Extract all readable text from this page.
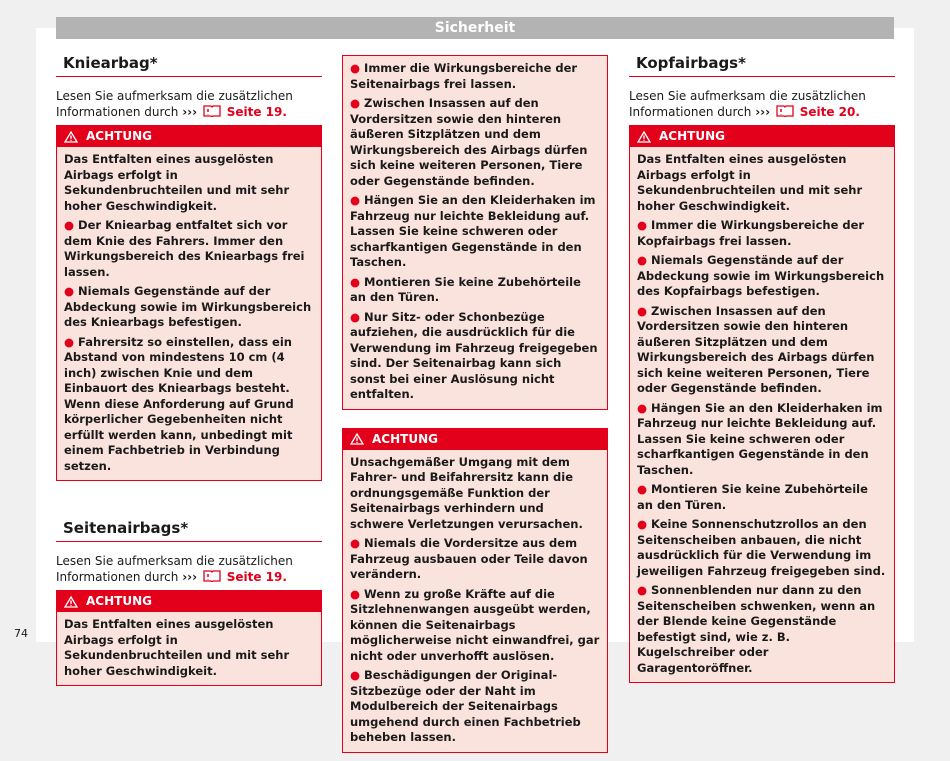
Sicherheit
Kniearbag*

Lesen Sie aufmerksam die zusätzlichen Informationen durch ››› Seite 19.

ACHTUNG

Das Entfalten eines ausgelösten Airbags erfolgt in Sekundenbruchteilen und mit sehr hoher Geschwindigkeit.

● Der Kniearbag entfaltet sich vor dem Knie des Fahrers. Immer den Wirkungsbereich des Kniearbags frei lassen.

● Niemals Gegenstände auf der Abdeckung sowie im Wirkungsbereich des Kniearbags befestigen.

● Fahrersitz so einstellen, dass ein Abstand von mindestens 10 cm (4 inch) zwischen Knie und dem Einbauort des Kniearbags besteht. Wenn diese Anforderung auf Grund körperlicher Gegebenheiten nicht erfüllt werden kann, unbedingt mit einem Fachbetrieb in Verbindung setzen.

Seitenairbags*

Lesen Sie aufmerksam die zusätzlichen Informationen durch ››› Seite 19.

ACHTUNG

Das Entfalten eines ausgelösten Airbags erfolgt in Sekundenbruchteilen und mit sehr hoher Geschwindigkeit.

● Immer die Wirkungsbereiche der Seitenairbags frei lassen.

● Zwischen Insassen auf den Vordersitzen sowie den hinteren äußeren Sitzplätzen und dem Wirkungsbereich des Airbags dürfen sich keine weiteren Personen, Tiere oder Gegenstände befinden.

● Hängen Sie an den Kleiderhaken im Fahrzeug nur leichte Bekleidung auf. Lassen Sie keine schweren oder scharfkantigen Gegenstände in den Taschen.

● Montieren Sie keine Zubehörteile an den Türen.

● Nur Sitz- oder Schonbezüge aufziehen, die ausdrücklich für die Verwendung im Fahrzeug freigegeben sind. Der Seitenairbag kann sich sonst bei einer Auslösung nicht entfalten.

ACHTUNG

Unsachgemäßer Umgang mit dem Fahrer- und Beifahrersitz kann die ordnungsgemäße Funktion der Seitenairbags verhindern und schwere Verletzungen verursachen.

● Niemals die Vordersitze aus dem Fahrzeug ausbauen oder Teile davon verändern.

● Wenn zu große Kräfte auf die Sitzlehnenwangen ausgeübt werden, können die Seitenairbags möglicherweise nicht einwandfrei, gar nicht oder unverhofft auslösen.

● Beschädigungen der Original-Sitzbezüge oder der Naht im Modulbereich der Seitenairbags umgehend durch einen Fachbetrieb beheben lassen.

Kopfairbags*

Lesen Sie aufmerksam die zusätzlichen Informationen durch ››› Seite 20.

ACHTUNG

Das Entfalten eines ausgelösten Airbags erfolgt in Sekundenbruchteilen und mit sehr hoher Geschwindigkeit.

● Immer die Wirkungsbereiche der Kopfairbags frei lassen.

● Niemals Gegenstände auf der Abdeckung sowie im Wirkungsbereich des Kopfairbags befestigen.

● Zwischen Insassen auf den Vordersitzen sowie den hinteren äußeren Sitzplätzen und dem Wirkungsbereich des Airbags dürfen sich keine weiteren Personen, Tiere oder Gegenstände befinden.

● Hängen Sie an den Kleiderhaken im Fahrzeug nur leichte Bekleidung auf. Lassen Sie keine schweren oder scharfkantigen Gegenstände in den Taschen.

● Montieren Sie keine Zubehörteile an den Türen.

● Keine Sonnenschutzrollos an den Seitenscheiben anbauen, die nicht ausdrücklich für die Verwendung im jeweiligen Fahrzeug freigegeben sind.

● Sonnenblenden nur dann zu den Seitenscheiben schwenken, wenn an der Blende keine Gegenstände befestigt sind, wie z. B. Kugelschreiber oder Garagentoröffner.

74
